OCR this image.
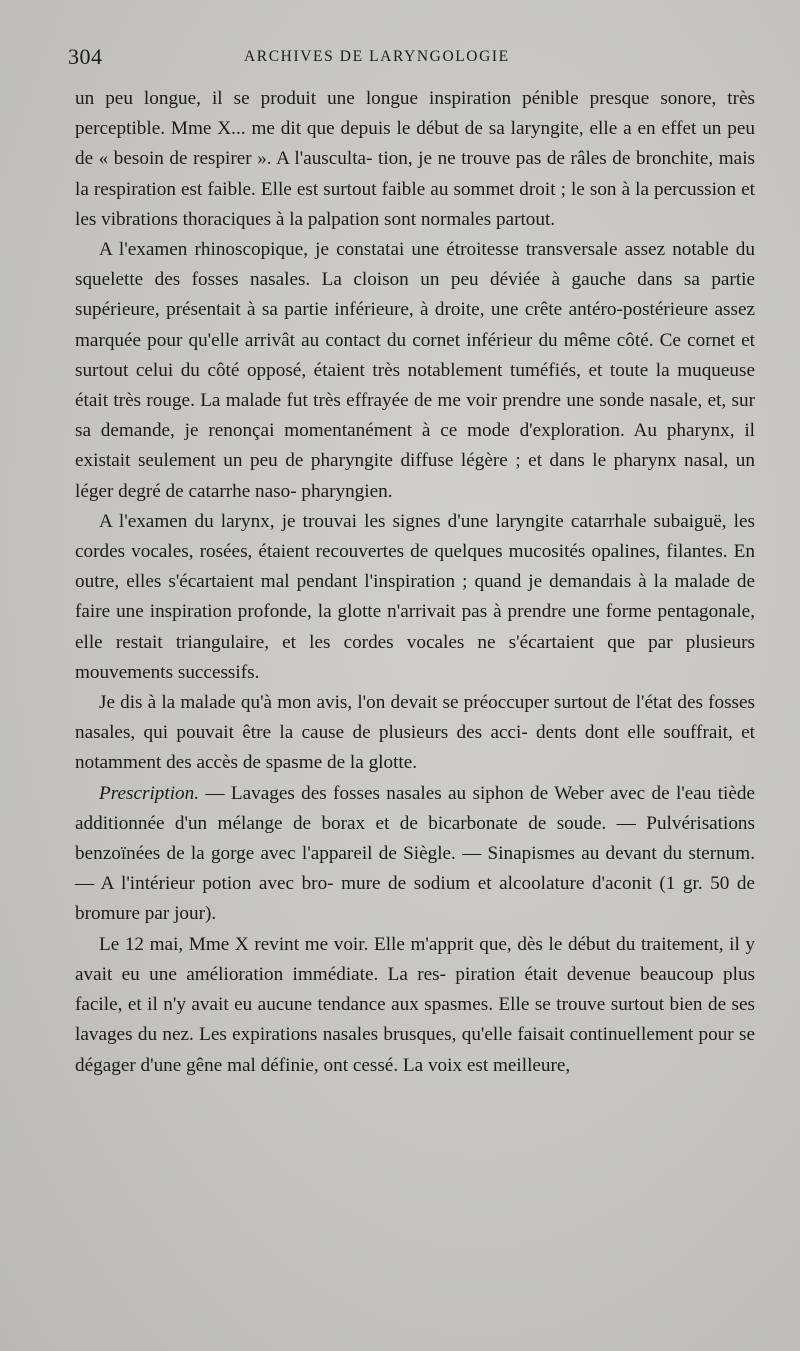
304	ARCHIVES DE LARYNGOLOGIE

un peu longue, il se produit une longue inspiration pénible presque sonore, très perceptible. Mme X... me dit que depuis le début de sa laryngite, elle a en effet un peu de « besoin de respirer ». A l'ausculta- tion, je ne trouve pas de râles de bronchite, mais la respiration est faible. Elle est surtout faible au sommet droit ; le son à la percussion et les vibrations thoraciques à la palpation sont normales partout.

A l'examen rhinoscopique, je constatai une étroitesse transversale assez notable du squelette des fosses nasales. La cloison un peu déviée à gauche dans sa partie supérieure, présentait à sa partie inférieure, à droite, une crête antéro-postérieure assez marquée pour qu'elle arrivât au contact du cornet inférieur du même côté. Ce cornet et surtout celui du côté opposé, étaient très notablement tuméfiés, et toute la muqueuse était très rouge. La malade fut très effrayée de me voir prendre une sonde nasale, et, sur sa demande, je renonçai momentanément à ce mode d'exploration. Au pharynx, il existait seulement un peu de pharyngite diffuse légère ; et dans le pharynx nasal, un léger degré de catarrhe naso- pharyngien.

A l'examen du larynx, je trouvai les signes d'une laryngite catarrhale subaiguë, les cordes vocales, rosées, étaient recouvertes de quelques mucosités opalines, filantes. En outre, elles s'écartaient mal pendant l'inspiration ; quand je demandais à la malade de faire une inspiration profonde, la glotte n'arrivait pas à prendre une forme pentagonale, elle restait triangulaire, et les cordes vocales ne s'écartaient que par plusieurs mouvements successifs.

Je dis à la malade qu'à mon avis, l'on devait se préoccuper surtout de l'état des fosses nasales, qui pouvait être la cause de plusieurs des acci- dents dont elle souffrait, et notamment des accès de spasme de la glotte.

Prescription. — Lavages des fosses nasales au siphon de Weber avec de l'eau tiède additionnée d'un mélange de borax et de bicarbonate de soude. — Pulvérisations benzoïnées de la gorge avec l'appareil de Siègle. — Sinapismes au devant du sternum. — A l'intérieur potion avec bro- mure de sodium et alcoolature d'aconit (1 gr. 50 de bromure par jour).

Le 12 mai, Mme X revint me voir. Elle m'apprit que, dès le début du traitement, il y avait eu une amélioration immédiate. La res- piration était devenue beaucoup plus facile, et il n'y avait eu aucune tendance aux spasmes. Elle se trouve surtout bien de ses lavages du nez. Les expirations nasales brusques, qu'elle faisait continuellement pour se dégager d'une gêne mal définie, ont cessé. La voix est meilleure,
